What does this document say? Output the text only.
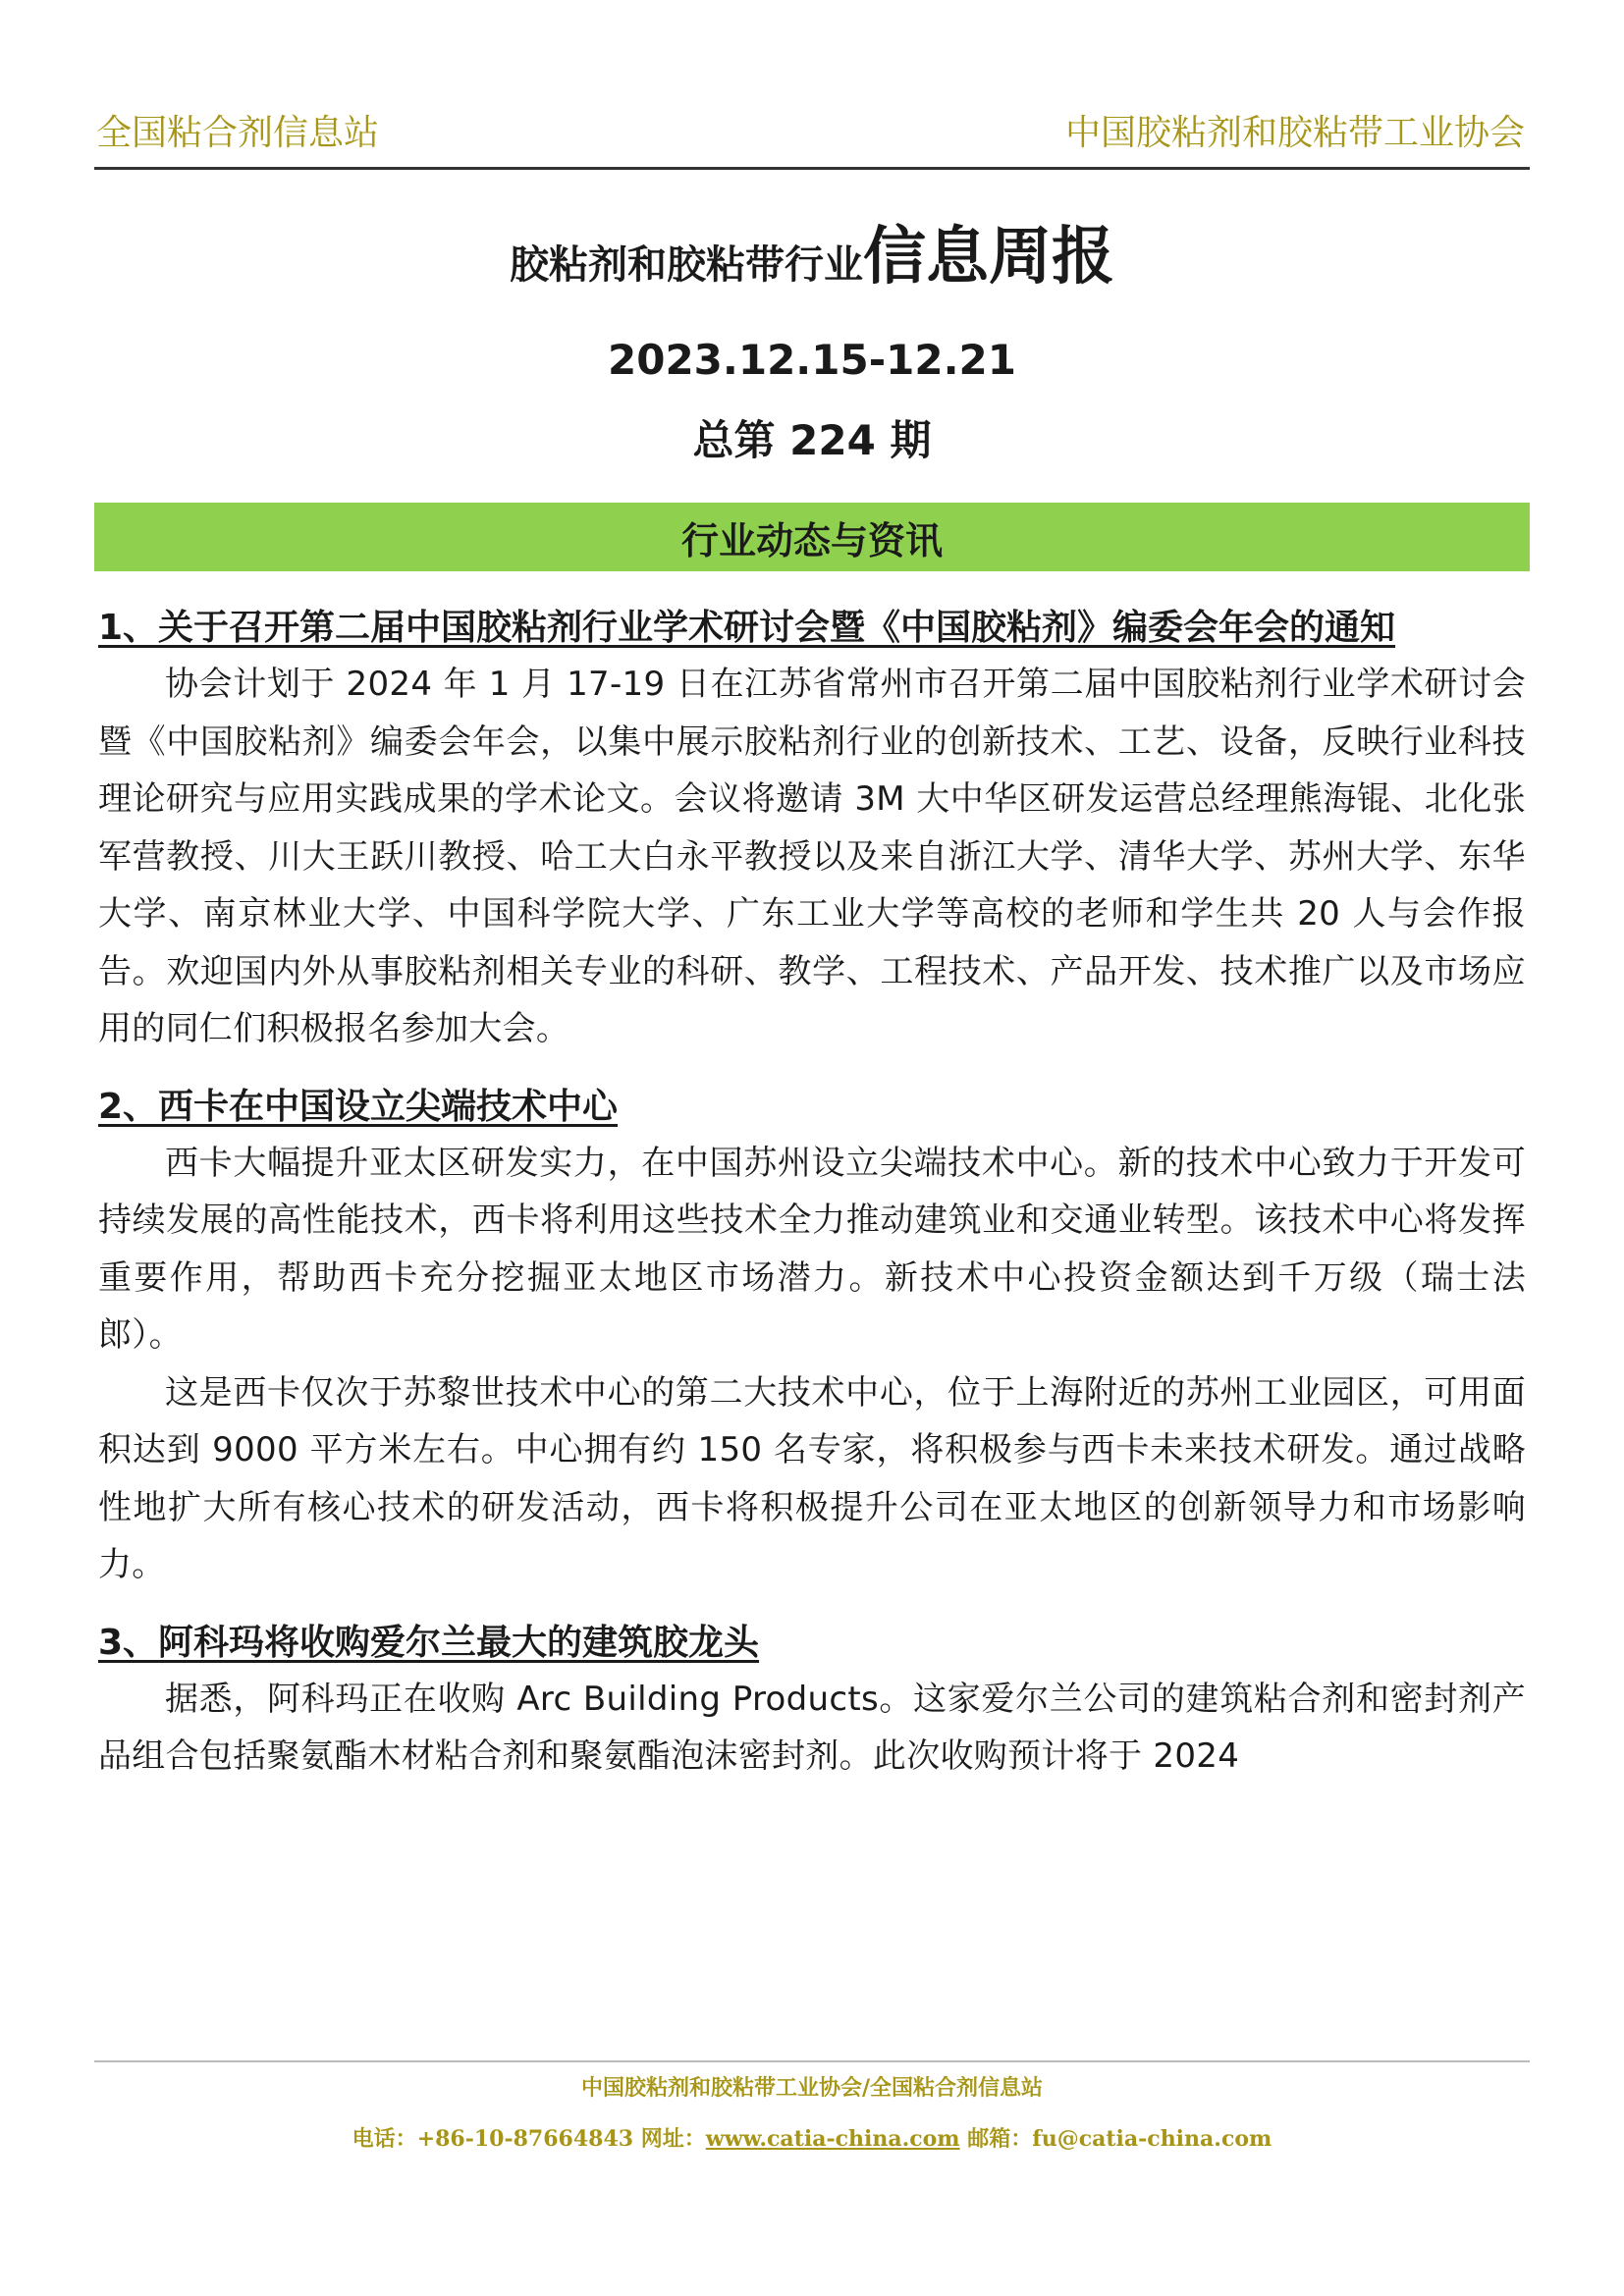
全国粘合剂信息站	中国胶粘剂和胶粘带工业协会
胶粘剂和胶粘带行业信息周报
2023.12.15-12.21
总第 224 期
行业动态与资讯
1、关于召开第二届中国胶粘剂行业学术研讨会暨《中国胶粘剂》编委会年会的通知

协会计划于 2024 年 1 月 17-19 日在江苏省常州市召开第二届中国胶粘剂行业学术研讨会暨《中国胶粘剂》编委会年会，以集中展示胶粘剂行业的创新技术、工艺、设备，反映行业科技理论研究与应用实践成果的学术论文。会议将邀请 3M 大中华区研发运营总经理熊海锟、北化张军营教授、川大王跃川教授、哈工大白永平教授以及来自浙江大学、清华大学、苏州大学、东华大学、南京林业大学、中国科学院大学、广东工业大学等高校的老师和学生共 20 人与会作报告。欢迎国内外从事胶粘剂相关专业的科研、教学、工程技术、产品开发、技术推广以及市场应用的同仁们积极报名参加大会。

2、西卡在中国设立尖端技术中心

西卡大幅提升亚太区研发实力，在中国苏州设立尖端技术中心。新的技术中心致力于开发可持续发展的高性能技术，西卡将利用这些技术全力推动建筑业和交通业转型。该技术中心将发挥重要作用，帮助西卡充分挖掘亚太地区市场潜力。新技术中心投资金额达到千万级（瑞士法郎）。

这是西卡仅次于苏黎世技术中心的第二大技术中心，位于上海附近的苏州工业园区，可用面积达到 9000 平方米左右。中心拥有约 150 名专家，将积极参与西卡未来技术研发。通过战略性地扩大所有核心技术的研发活动，西卡将积极提升公司在亚太地区的创新领导力和市场影响力。

3、阿科玛将收购爱尔兰最大的建筑胶龙头

据悉，阿科玛正在收购 Arc Building Products。这家爱尔兰公司的建筑粘合剂和密封剂产品组合包括聚氨酯木材粘合剂和聚氨酯泡沫密封剂。此次收购预计将于 2024

中国胶粘剂和胶粘带工业协会/全国粘合剂信息站
电话：+86-10-87664843 网址：www.catia-china.com 邮箱：fu@catia-china.com
